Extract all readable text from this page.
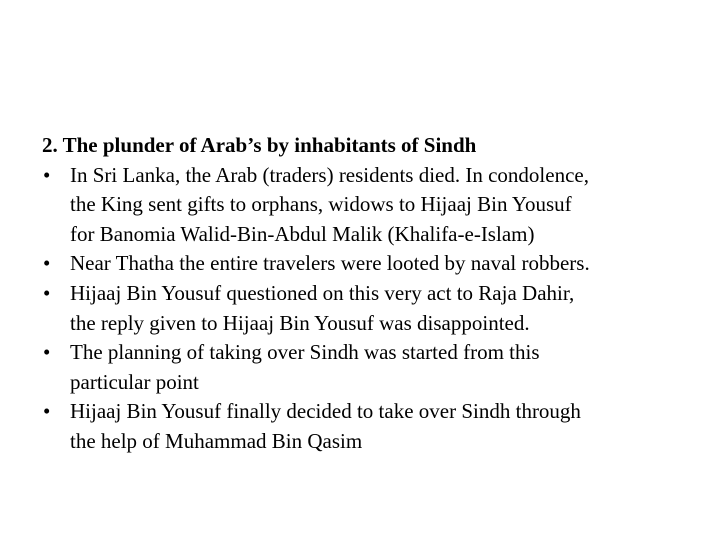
2. The plunder of Arab’s by inhabitants of Sindh
• In Sri Lanka, the Arab (traders) residents died. In condolence,
the King sent gifts to orphans, widows to Hijaaj Bin Yousuf
for Banomia Walid-Bin-Abdul Malik (Khalifa-e-Islam)
• Near Thatha the entire travelers were looted by naval robbers.
• Hijaaj Bin Yousuf questioned on this very act to Raja Dahir,
the reply given to Hijaaj Bin Yousuf was disappointed.
• The planning of taking over Sindh was started from this
particular point
• Hijaaj Bin Yousuf finally decided to take over Sindh through
the help of Muhammad Bin Qasim
